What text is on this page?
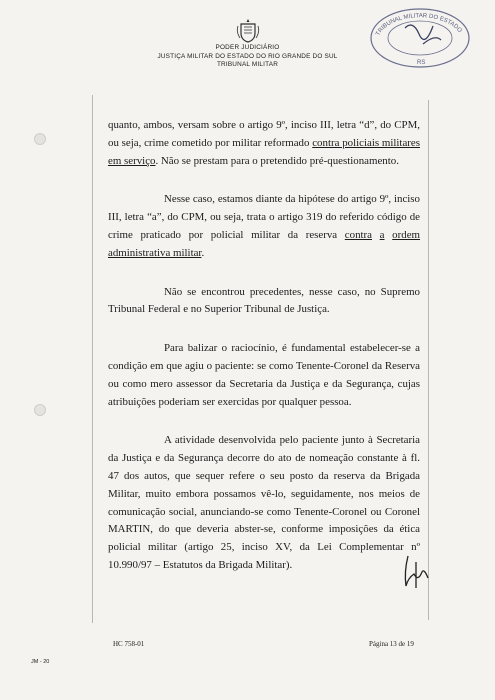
PODER JUDICIÁRIO
JUSTIÇA MILITAR DO ESTADO DO RIO GRANDE DO SUL
TRIBUNAL MILITAR
TRIBUNAL MILITAR DO ESTADO
RS

quanto, ambos, versam sobre o artigo 9º, inciso III, letra “d”, do CPM, ou seja, crime cometido por militar reformado contra policiais militares em serviço. Não se prestam para o pretendido pré-questionamento.

Nesse caso, estamos diante da hipótese do artigo 9º, inciso III, letra “a”, do CPM, ou seja, trata o artigo 319 do referido código de crime praticado por policial militar da reserva contra a ordem administrativa militar.

Não se encontrou precedentes, nesse caso, no Supremo Tribunal Federal e no Superior Tribunal de Justiça.

Para balizar o raciocínio, é fundamental estabelecer-se a condição em que agiu o paciente: se como Tenente-Coronel da Reserva ou como mero assessor da Secretaria da Justiça e da Segurança, cujas atribuições poderiam ser exercidas por qualquer pessoa.

A atividade desenvolvida pelo paciente junto à Secretaria da Justiça e da Segurança decorre do ato de nomeação constante à fl. 47 dos autos, que sequer refere o seu posto da reserva da Brigada Militar, muito embora possamos vê-lo, seguidamente, nos meios de comunicação social, anunciando-se como Tenente-Coronel ou Coronel MARTIN, do que deveria abster-se, conforme imposições da ética policial militar (artigo 25, inciso XV, da Lei Complementar nº 10.990/97 – Estatutos da Brigada Militar).

HC 758-01	Página 13 de 19
JM - 20
